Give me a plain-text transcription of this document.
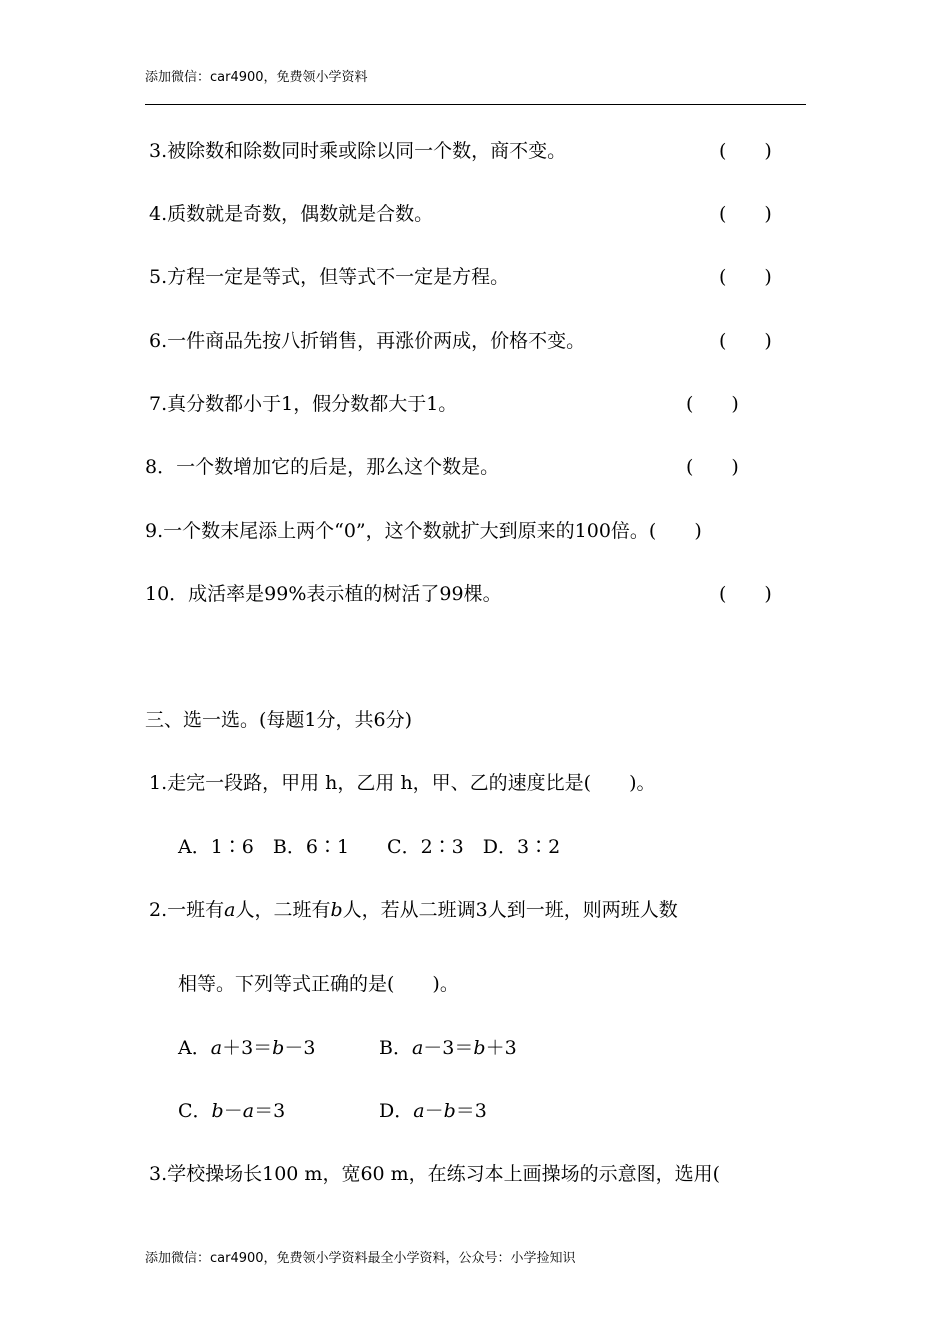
添加微信：car4900，免费领小学资料
3.被除数和除数同时乘或除以同一个数，商不变。	(　　)
4.质数就是奇数，偶数就是合数。	(　　)
5.方程一定是等式，但等式不一定是方程。	(　　)
6.一件商品先按八折销售，再涨价两成，价格不变。	(　　)
7.真分数都小于1，假分数都大于1。	(　　)
8．一个数增加它的后是，那么这个数是。	(　　)
9.一个数末尾添上两个“0”，这个数就扩大到原来的100倍。(　　)
10．成活率是99%表示植的树活了99棵。	(　　)
三、选一选。(每题1分，共6分)
1.走完一段路，甲用 h，乙用 h，甲、乙的速度比是(　　)。
A．1∶6　B．6∶1　　C．2∶3　D．3∶2
2.一班有a人，二班有b人，若从二班调3人到一班，则两班人数
相等。下列等式正确的是(　　)。
A．a＋3＝b－3	B．a－3＝b＋3
C．b－a＝3	D．a－b＝3
3.学校操场长100 m，宽60 m，在练习本上画操场的示意图，选用(
添加微信：car4900，免费领小学资料最全小学资料，公众号：小学捡知识
